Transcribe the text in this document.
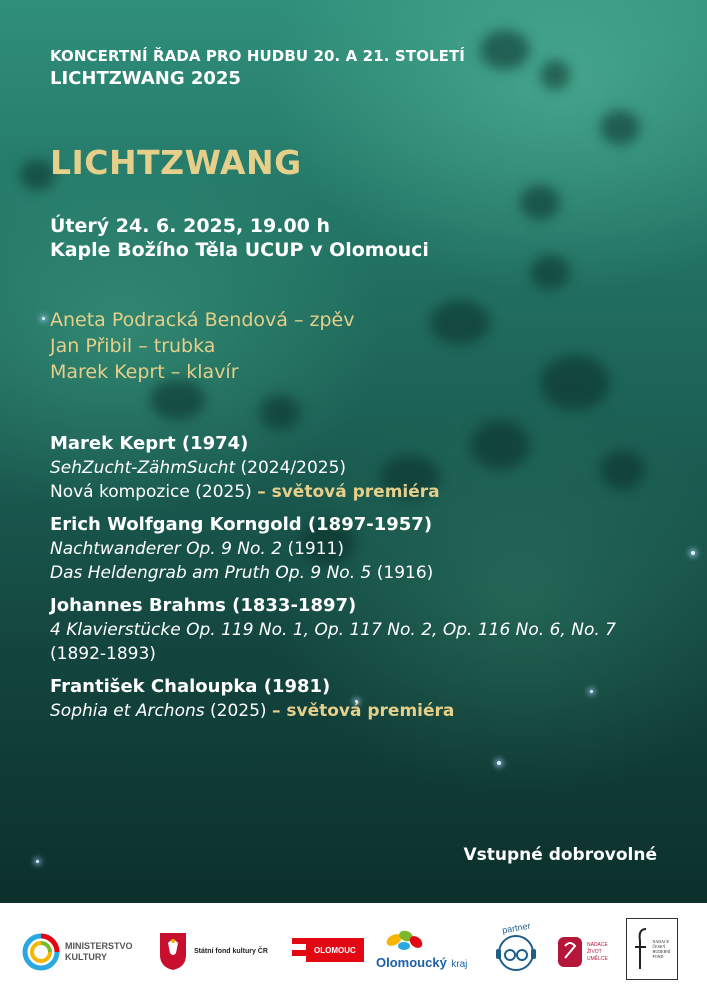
KONCERTNÍ ŘADA PRO HUDBU 20. A 21. STOLETÍ
LICHTZWANG 2025
LICHTZWANG
Úterý 24. 6. 2025, 19.00 h
Kaple Božího Těla UCUP v Olomouci
Aneta Podracká Bendová – zpěv
Jan Přibil – trubka
Marek Keprt – klavír
Marek Keprt (1974)
SehZucht-ZähmSucht (2024/2025)
Nová kompozice (2025) – světová premiéra
Erich Wolfgang Korngold (1897-1957)
Nachtwanderer Op. 9 No. 2 (1911)
Das Heldengrab am Pruth Op. 9 No. 5 (1916)
Johannes Brahms (1833-1897)
4 Klavierstücke Op. 119 No. 1, Op. 117 No. 2, Op. 116 No. 6, No. 7 (1892-1893)
František Chaloupka (1981)
Sophia et Archons (2025) – světová premiéra
Vstupné dobrovolné
MINISTERSTVO
KULTURY
Státní fond kultury ČR	OLOMOUC
Olomoucký kraj
partner
NADACE
ŽIVOT
UMĚLCE
NADACE
ČESKÝ
HUDEBNÍ
FOND
